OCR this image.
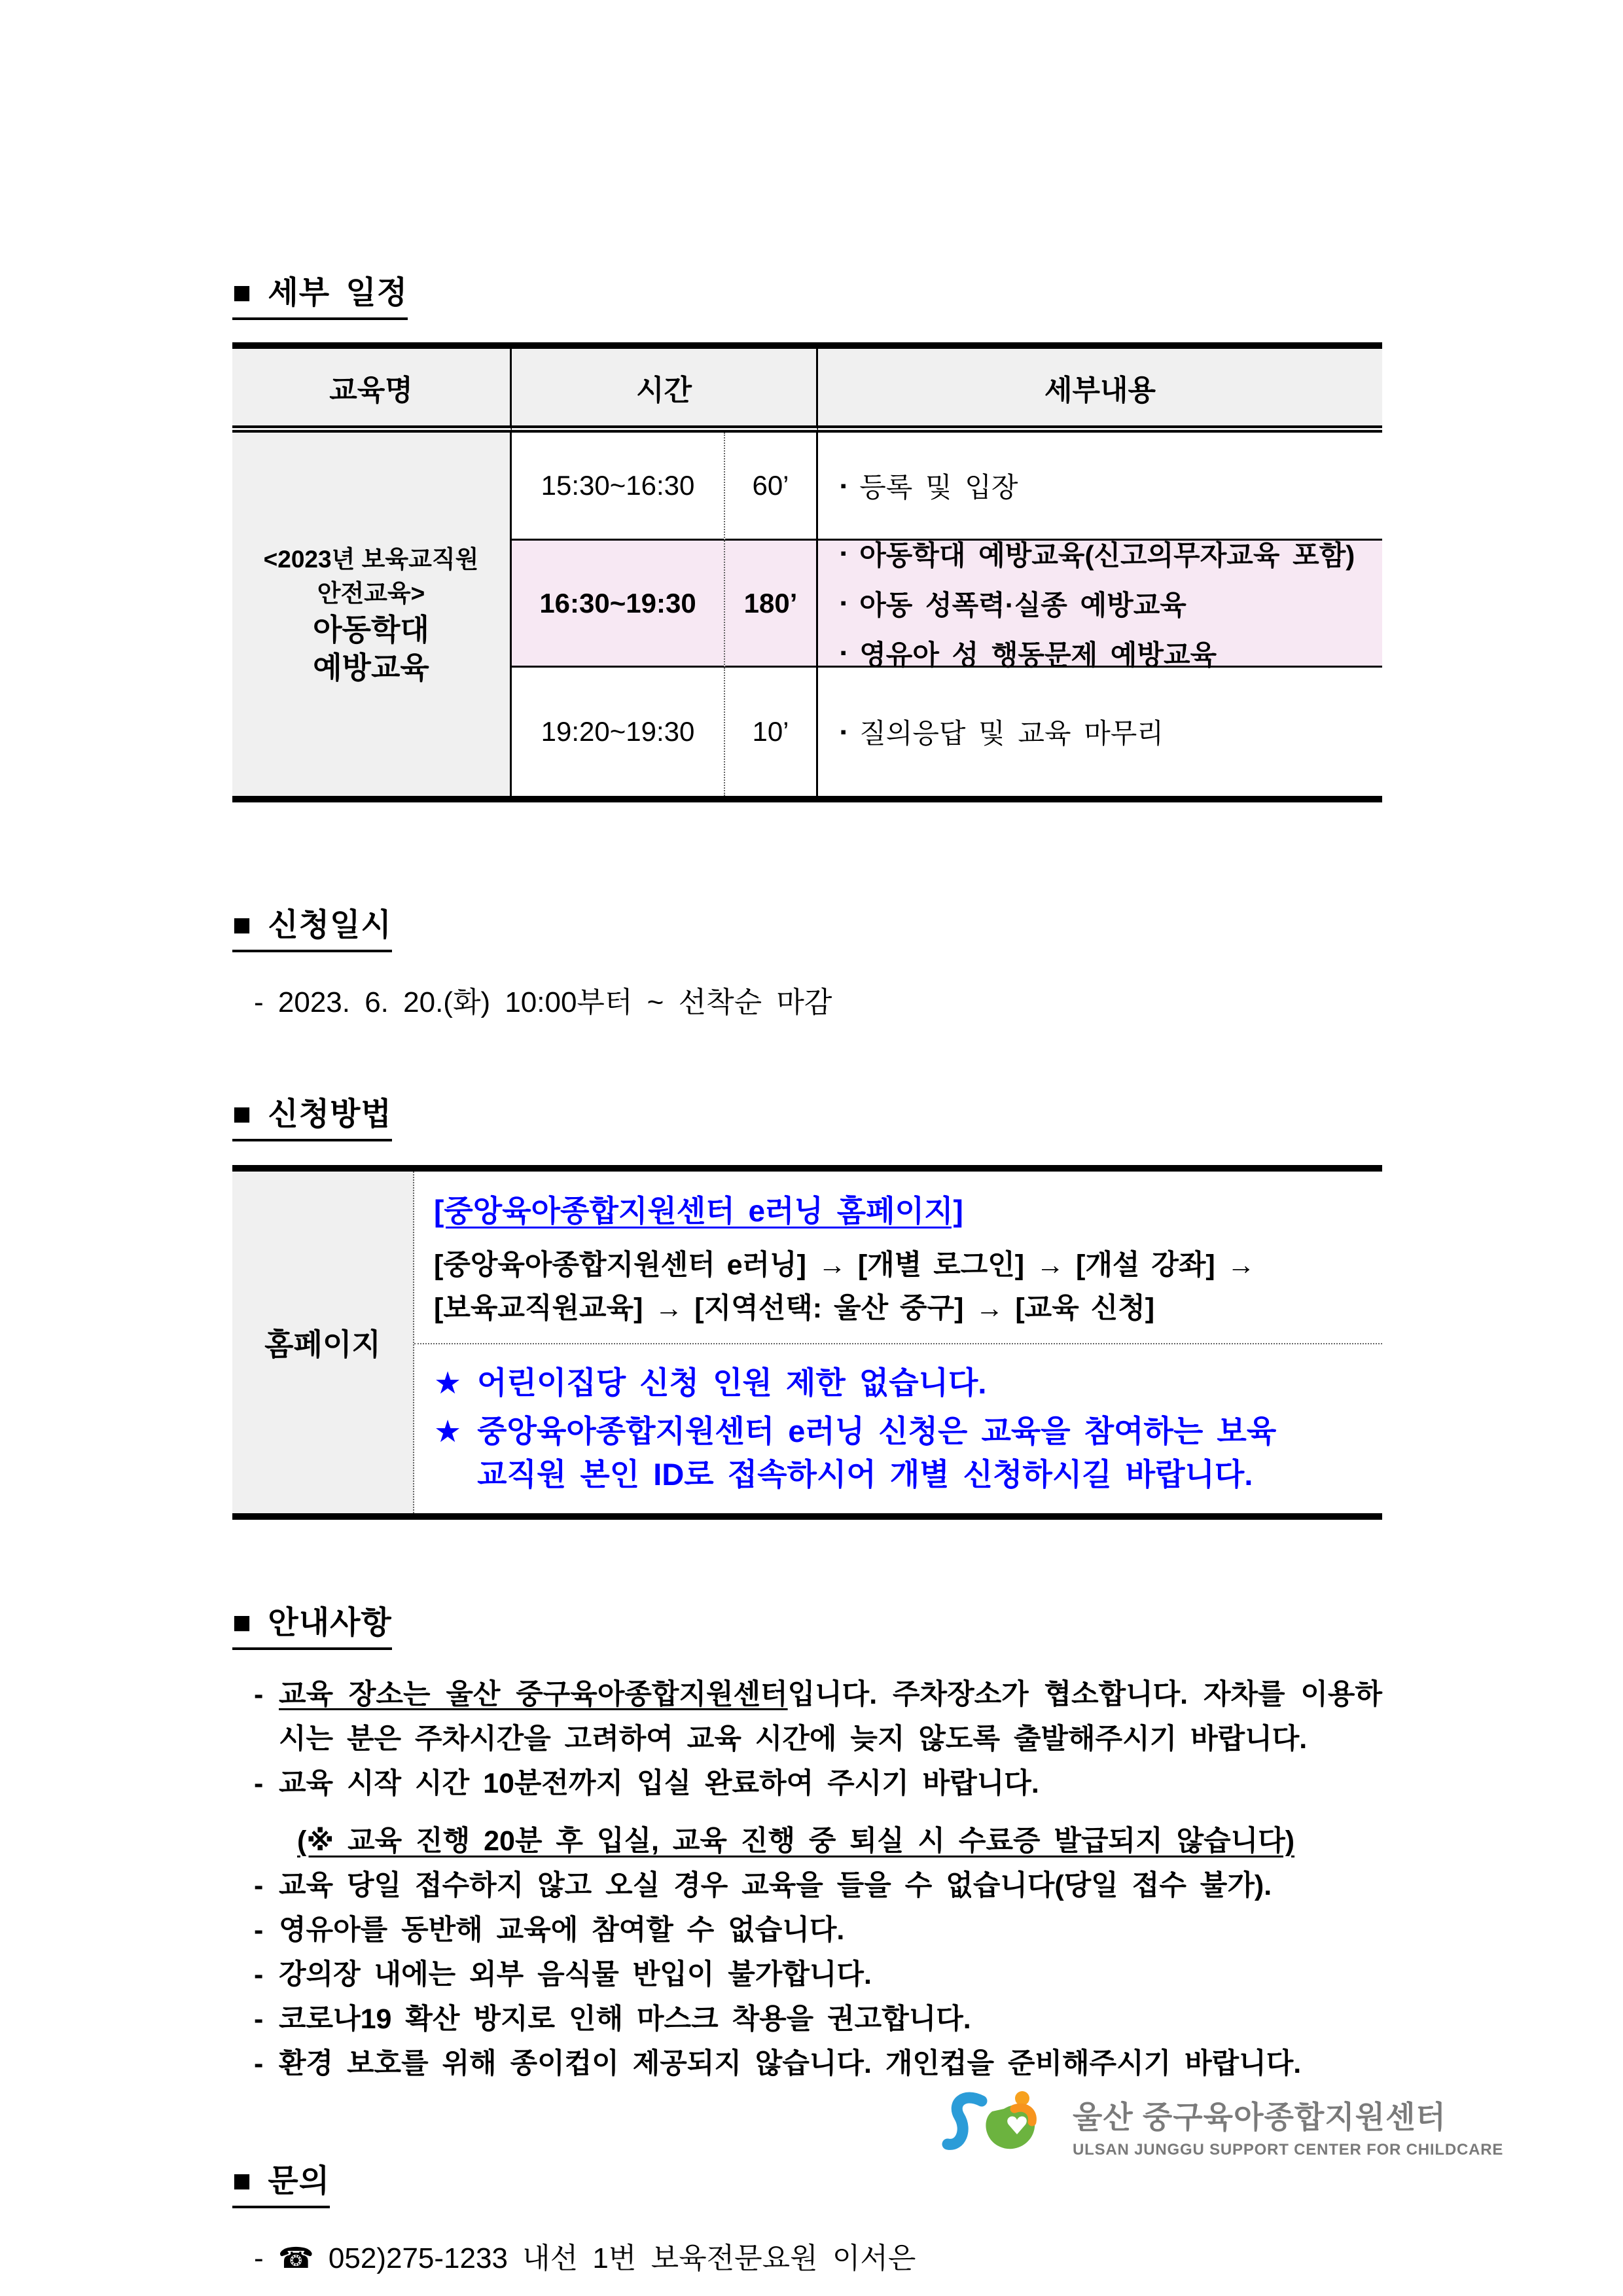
■ 세부 일정
교육명	시간	세부내용
<2023년 보육교직원
안전교육>
아동학대
예방교육
15:30~16:30	60’	▪ 등록 및 입장
16:30~19:30	180’
▪ 아동학대 예방교육(신고의무자교육 포함)
▪ 아동 성폭력·실종 예방교육
▪ 영유아 성 행동문제 예방교육
19:20~19:30	10’	▪ 질의응답 및 교육 마무리
■ 신청일시
- 2023. 6. 20.(화) 10:00부터 ~ 선착순 마감
■ 신청방법
홈페이지
[중앙육아종합지원센터 e러닝 홈페이지]
[중앙육아종합지원센터 e러닝] → [개별 로그인] → [개설 강좌] →
[보육교직원교육] → [지역선택: 울산 중구] → [교육 신청]
★ 어린이집당 신청 인원 제한 없습니다.
★ 중앙육아종합지원센터 e러닝 신청은 교육을 참여하는 보육
교직원 본인 ID로 접속하시어 개별 신청하시길 바랍니다.
■ 안내사항
- 교육 장소는 울산 중구육아종합지원센터입니다. 주차장소가 협소합니다. 자차를 이용하시는 분은 주차시간을 고려하여 교육 시간에 늦지 않도록 출발해주시기 바랍니다.
- 교육 시작 시간 10분전까지 입실 완료하여 주시기 바랍니다.
(※ 교육 진행 20분 후 입실, 교육 진행 중 퇴실 시 수료증 발급되지 않습니다)
- 교육 당일 접수하지 않고 오실 경우 교육을 들을 수 없습니다(당일 접수 불가).
- 영유아를 동반해 교육에 참여할 수 없습니다.
- 강의장 내에는 외부 음식물 반입이 불가합니다.
- 코로나19 확산 방지로 인해 마스크 착용을 권고합니다.
- 환경 보호를 위해 종이컵이 제공되지 않습니다. 개인컵을 준비해주시기 바랍니다.
■ 문의
- ☎ 052)275-1233 내선 1번 보육전문요원 이서은
울산 중구육아종합지원센터
ULSAN JUNGGU SUPPORT CENTER FOR CHILDCARE
